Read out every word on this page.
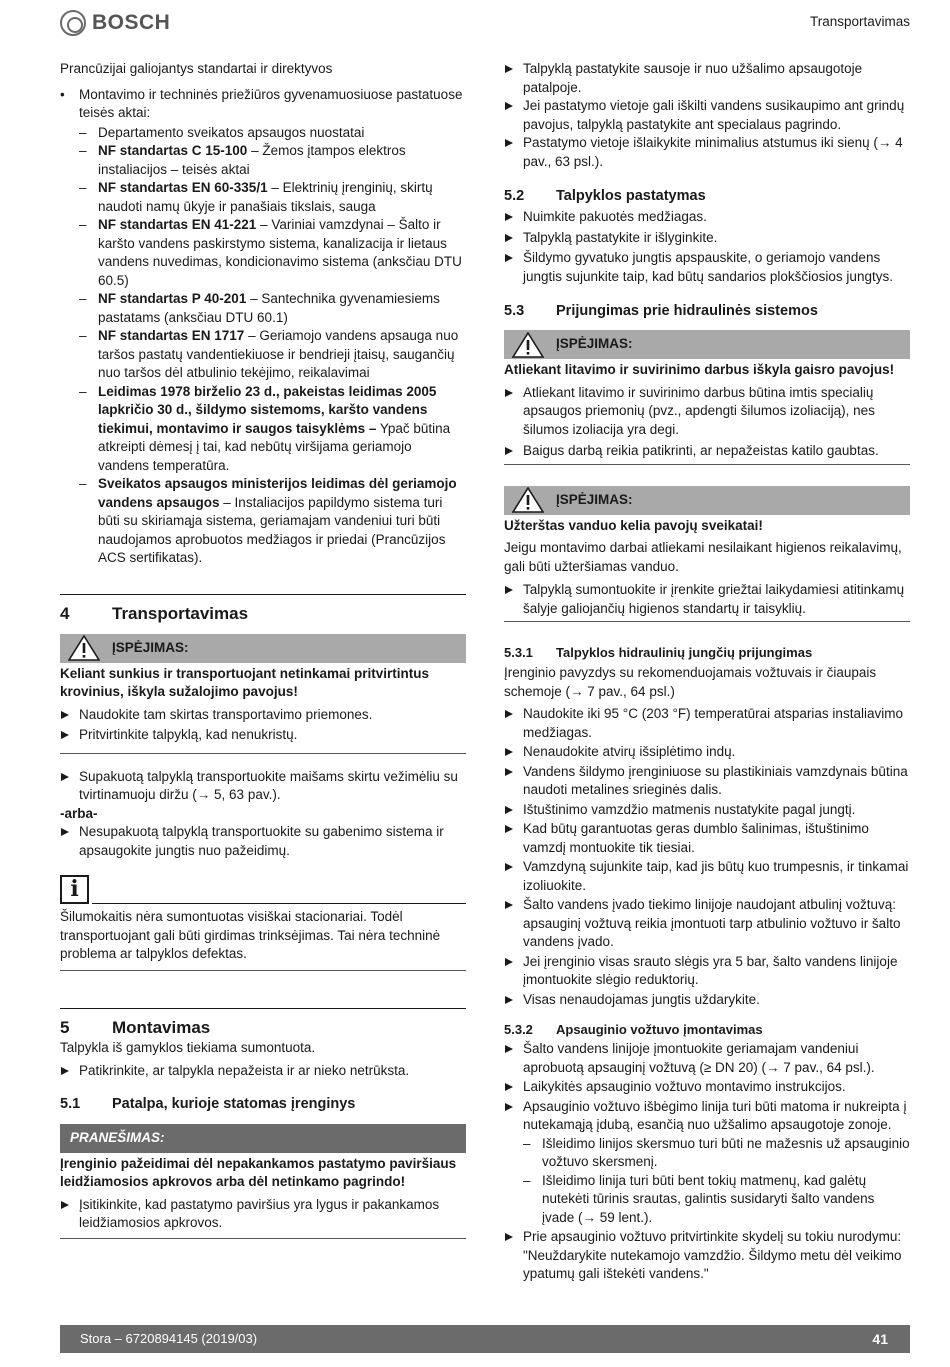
BOSCH	Transportavimas

Prancūzijai galiojantys standartai ir direktyvos

• Montavimo ir techninės priežiūros gyvenamuosiuose pastatuose teisės aktai:
– Departamento sveikatos apsaugos nuostatai
– NF standartas C 15-100 – Žemos įtampos elektros instaliacijos – teisės aktai
– NF standartas EN 60-335/1 – Elektrinių įrenginių, skirtų naudoti namų ūkyje ir panašiais tikslais, sauga
– NF standartas EN 41-221 – Variniai vamzdynai – Šalto ir karšto vandens paskirstymo sistema, kanalizacija ir lietaus vandens nuvedimas, kondicionavimo sistema (anksčiau DTU 60.5)
– NF standartas P 40-201 – Santechnika gyvenamiesiems pastatams (anksčiau DTU 60.1)
– NF standartas EN 1717 – Geriamojo vandens apsauga nuo taršos pastatų vandentiekiuose ir bendrieji įtaisų, saugančių nuo taršos dėl atbulinio tekėjimo, reikalavimai
– Leidimas 1978 birželio 23 d., pakeistas leidimas 2005 lapkričio 30 d., šildymo sistemoms, karšto vandens tiekimui, montavimo ir saugos taisyklėms – Ypač būtina atkreipti dėmesį į tai, kad nebūtų viršijama geriamojo vandens temperatūra.
– Sveikatos apsaugos ministerijos leidimas dėl geriamojo vandens apsaugos – Instaliacijos papildymo sistema turi būti su skiriamąja sistema, geriamajam vandeniui turi būti naudojamos aprobuotos medžiagos ir priedai (Prancūzijos ACS sertifikatas).
4	Transportavimas
ĮSPĖJIMAS:

Keliant sunkius ir transportuojant netinkamai pritvirtintus krovinius, iškyla sužalojimo pavojus!

Naudokite tam skirtas transportavimo priemones.
Pritvirtinkite talpyklą, kad nenukristų.
Supakuotą talpyklą transportuokite maišams skirtu vežimėliu su tvirtinamuoju diržu (→ 5, 63 pav.).

-arba-

Nesupakuotą talpyklą transportuokite su gabenimo sistema ir apsaugokite jungtis nuo pažeidimų.
i

Šilumokaitis nėra sumontuotas visiškai stacionariai. Todėl transportuojant gali būti girdimas trinksėjimas. Tai nėra techninė problema ar talpyklos defektas.

5	Montavimas

Talpykla iš gamyklos tiekiama sumontuota.

Patikrinkite, ar talpykla nepažeista ir ar nieko netrūksta.
5.1	Patalpa, kurioje statomas įrenginys
PRANEŠIMAS:

Įrenginio pažeidimai dėl nepakankamos pastatymo paviršiaus leidžiamosios apkrovos arba dėl netinkamo pagrindo!

Įsitikinkite, kad pastatymo paviršius yra lygus ir pakankamos leidžiamosios apkrovos.
Talpyklą pastatykite sausoje ir nuo užšalimo apsaugotoje patalpoje.
Jei pastatymo vietoje gali iškilti vandens susikaupimo ant grindų pavojus, talpyklą pastatykite ant specialaus pagrindo.
Pastatymo vietoje išlaikykite minimalius atstumus iki sienų (→ 4 pav., 63 psl.).
5.2	Talpyklos pastatymas
Nuimkite pakuotės medžiagas.
Talpyklą pastatykite ir išlyginkite.
Šildymo gyvatuko jungtis apspauskite, o geriamojo vandens jungtis sujunkite taip, kad būtų sandarios plokščiosios jungtys.
5.3	Prijungimas prie hidraulinės sistemos
ĮSPĖJIMAS:

Atliekant litavimo ir suvirinimo darbus iškyla gaisro pavojus!

Atliekant litavimo ir suvirinimo darbus būtina imtis specialių apsaugos priemonių (pvz., apdengti šilumos izoliaciją), nes šilumos izoliacija yra degi.
Baigus darbą reikia patikrinti, ar nepažeistas katilo gaubtas.
ĮSPĖJIMAS:

Užterštas vanduo kelia pavojų sveikatai!

Jeigu montavimo darbai atliekami nesilaikant higienos reikalavimų, gali būti užteršiamas vanduo.

Talpyklą sumontuokite ir įrenkite griežtai laikydamiesi atitinkamų šalyje galiojančių higienos standartų ir taisyklių.
5.3.1	Talpyklos hidraulinių jungčių prijungimas

Įrenginio pavyzdys su rekomenduojamais vožtuvais ir čiaupais schemoje (→ 7 pav., 64 psl.)

Naudokite iki 95 °C (203 °F) temperatūrai atsparias instaliavimo medžiagas.
Nenaudokite atvirų išsiplėtimo indų.
Vandens šildymo įrenginiuose su plastikiniais vamzdynais būtina naudoti metalines srieginės dalis.
Ištuštinimo vamzdžio matmenis nustatykite pagal jungtį.
Kad būtų garantuotas geras dumblo šalinimas, ištuštinimo vamzdį montuokite tik tiesiai.
Vamzdyną sujunkite taip, kad jis būtų kuo trumpesnis, ir tinkamai izoliuokite.
Šalto vandens įvado tiekimo linijoje naudojant atbulinį vožtuvą: apsauginį vožtuvą reikia įmontuoti tarp atbulinio vožtuvo ir šalto vandens įvado.
Jei įrenginio visas srauto slėgis yra 5 bar, šalto vandens linijoje įmontuokite slėgio reduktorių.
Visas nenaudojamas jungtis uždarykite.
5.3.2	Apsauginio vožtuvo įmontavimas
Šalto vandens linijoje įmontuokite geriamajam vandeniui aprobuotą apsauginį vožtuvą (≥ DN 20) (→ 7 pav., 64 psl.).
Laikykitės apsauginio vožtuvo montavimo instrukcijos.
Apsauginio vožtuvo išbėgimo linija turi būti matoma ir nukreipta į nutekamąją įdubą, esančią nuo užšalimo apsaugotoje zonoje.
– Išleidimo linijos skersmuo turi būti ne mažesnis už apsauginio vožtuvo skersmenį.
– Išleidimo linija turi būti bent tokių matmenų, kad galėtų nutekėti tūrinis srautas, galintis susidaryti šalto vandens įvade (→ 59 lent.).
Prie apsauginio vožtuvo pritvirtinkite skydelį su tokiu nurodymu: "Neuždarykite nutekamojo vamzdžio. Šildymo metu dėl veikimo ypatumų gali ištekėti vandens."
Stora – 6720894145 (2019/03)	41
